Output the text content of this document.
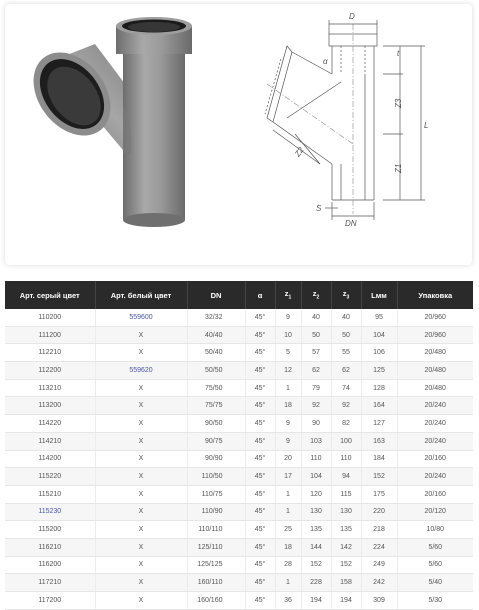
D
t
α
Z3
Z2
Z1
L
S
DN
Арт. серый цвет	Арт. белый цвет	DN	α	$z_1$	$z_2$	$z_3$	Lмм	Упаковка
110200	559600	32/32	45°	9	40	40	95	20/960
111200	X	40/40	45°	10	50	50	104	20/960
112210	X	50/40	45°	5	57	55	106	20/480
112200	559620	50/50	45°	12	62	62	125	20/480
113210	X	75/50	45°	1	79	74	128	20/480
113200	X	75/75	45°	18	92	92	164	20/240
114220	X	90/50	45°	9	90	82	127	20/240
114210	X	90/75	45°	9	103	100	163	20/240
114200	X	90/90	45°	20	110	110	184	20/160
115220	X	110/50	45°	17	104	94	152	20/240
115210	X	110/75	45°	1	120	115	175	20/160
115230	X	110/90	45°	1	130	130	220	20/120
115200	X	110/110	45°	25	135	135	218	10/80
116210	X	125/110	45°	18	144	142	224	5/60
116200	X	125/125	45°	28	152	152	249	5/60
117210	X	160/110	45°	1	228	158	242	5/40
117200	X	160/160	45°	36	194	194	309	5/30
